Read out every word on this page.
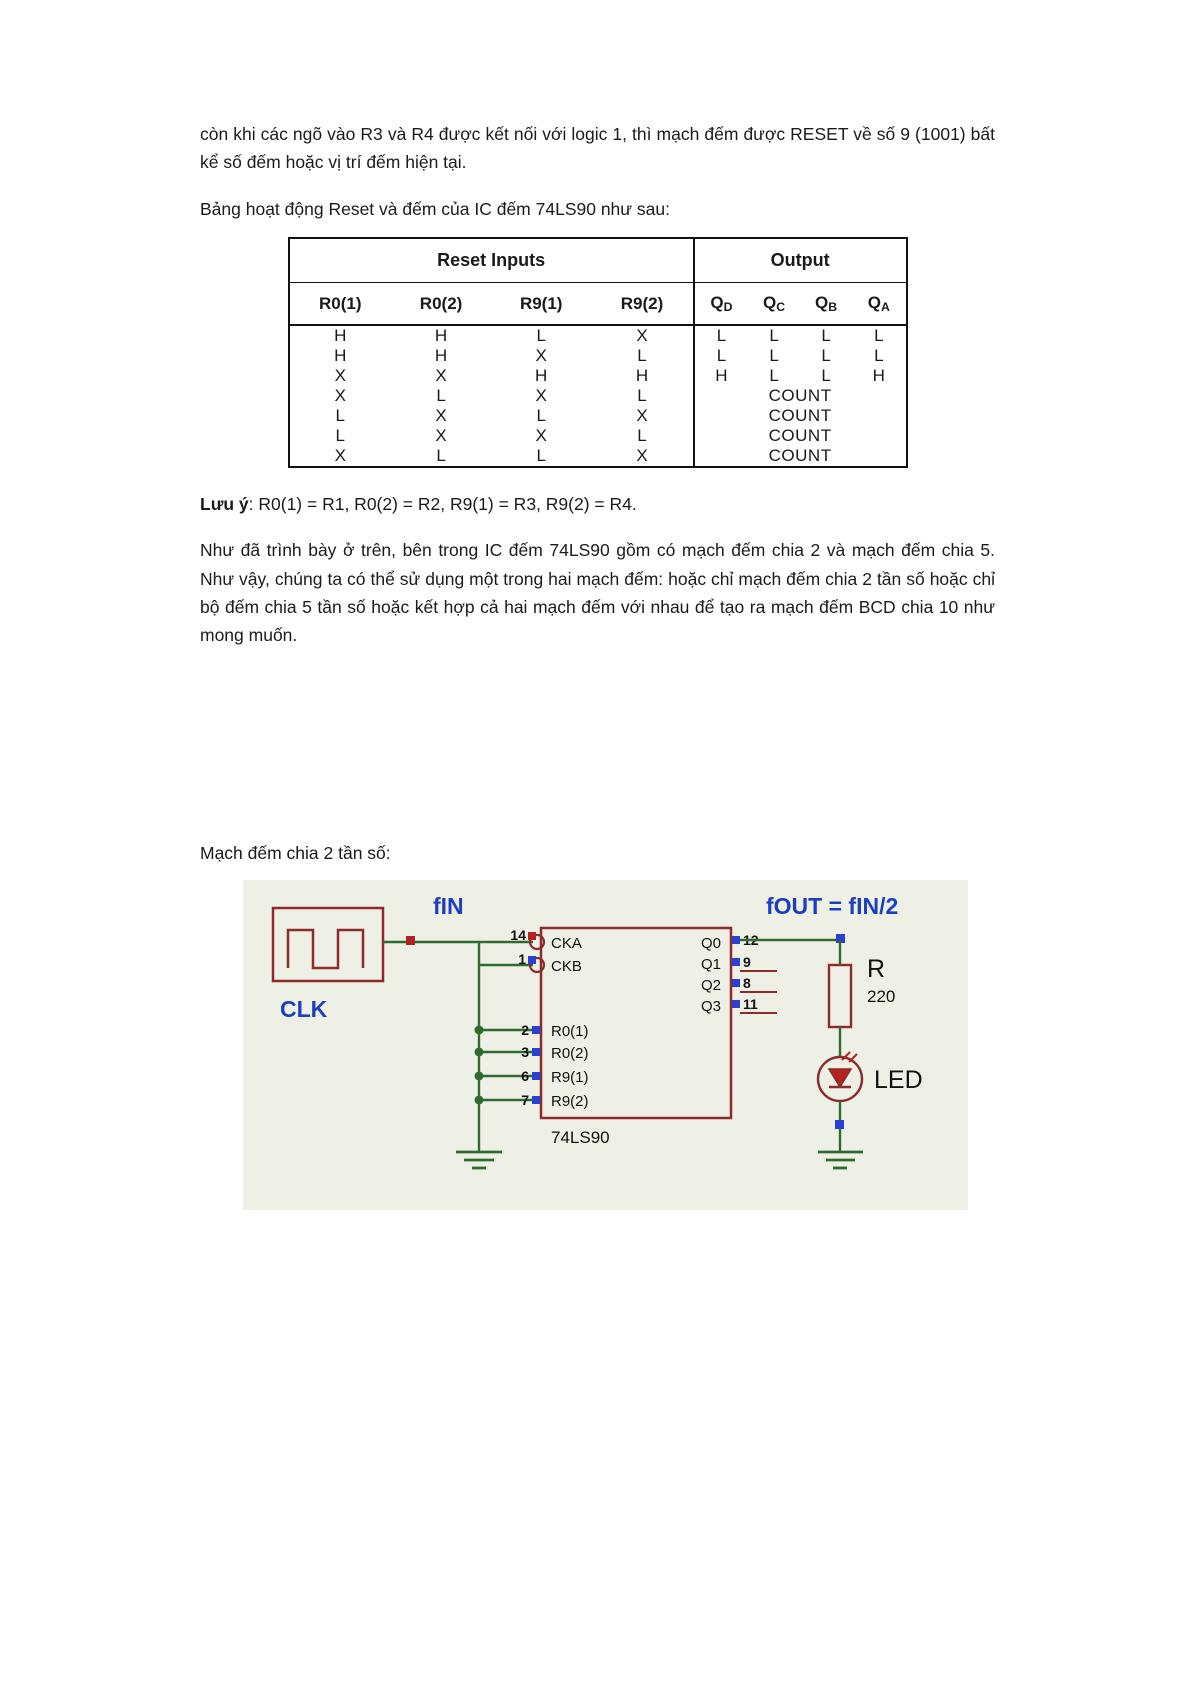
còn khi các ngõ vào R3 và R4 được kết nối với logic 1, thì mạch đếm được RESET về số 9 (1001) bất kể số đếm hoặc vị trí đếm hiện tại.

Bảng hoạt động Reset và đếm của IC đếm 74LS90 như sau:

Reset Inputs				Output			
R0(1)	R0(2)	R9(1)	R9(2)	$Q_D$	$Q_C$	$Q_B$	$Q_A$
H	H	L	X	L	L	L	L
H	H	X	L	L	L	L	L
X	X	H	H	H	L	L	H
X	L	X	L	COUNT			
L	X	L	X	COUNT			
L	X	X	L	COUNT			
X	L	L	X	COUNT			

Lưu ý: R0(1) = R1, R0(2) = R2, R9(1) = R3, R9(2) = R4.

Như đã trình bày ở trên, bên trong IC đếm 74LS90 gồm có mạch đếm chia 2 và mạch đếm chia 5. Như vậy, chúng ta có thể sử dụng một trong hai mạch đếm: hoặc chỉ mạch đếm chia 2 tần số hoặc chỉ bộ đếm chia 5 tần số hoặc kết hợp cả hai mạch đếm với nhau để tạo ra mạch đếm BCD chia 10 như mong muốn.

Mạch đếm chia 2 tần số:

14
1
2
3
6
7
CKA
CKB
R0(1)
R0(2)
R9(1)
R9(2)
Q0
Q1
Q2
Q3
12
9
8
11
fIN	fOUT = fIN/2
CLK
R
220
LED
74LS90
